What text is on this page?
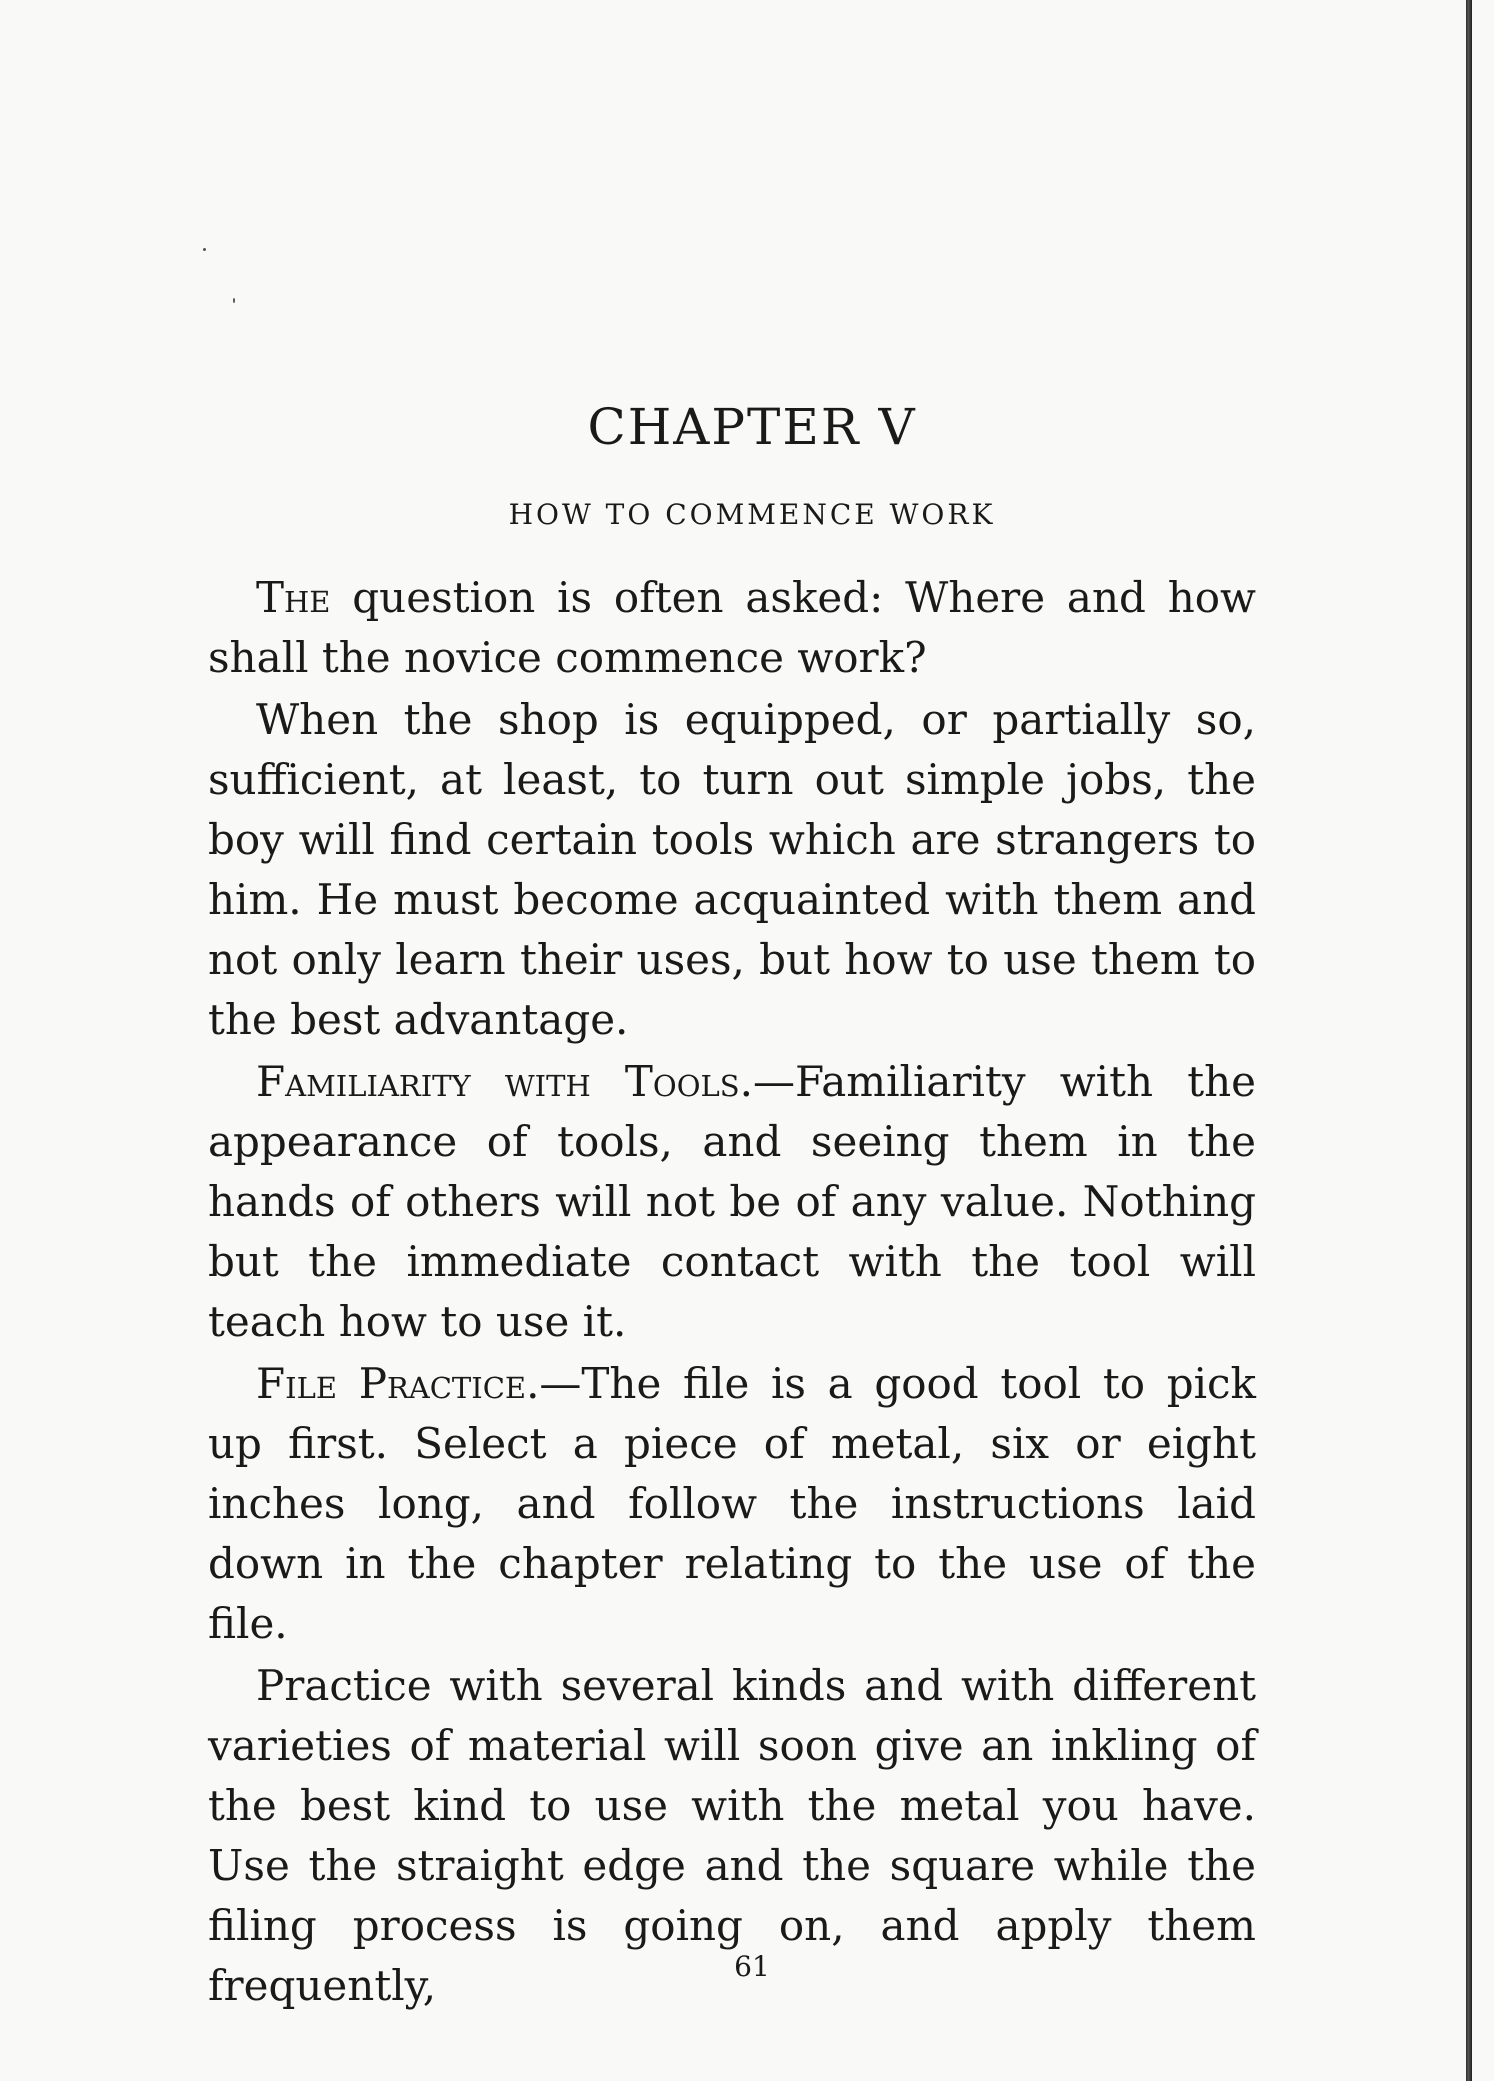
CHAPTER V
HOW TO COMMENCE WORK

The question is often asked: Where and how shall the novice commence work?

When the shop is equipped, or partially so, sufficient, at least, to turn out simple jobs, the boy will find certain tools which are strangers to him. He must become acquainted with them and not only learn their uses, but how to use them to the best advantage.

Familiarity with Tools.—Familiarity with the appearance of tools, and seeing them in the hands of others will not be of any value. Nothing but the immediate contact with the tool will teach how to use it.

File Practice.—The file is a good tool to pick up first. Select a piece of metal, six or eight inches long, and follow the instructions laid down in the chapter relating to the use of the file.

Practice with several kinds and with different varieties of material will soon give an inkling of the best kind to use with the metal you have. Use the straight edge and the square while the filing process is going on, and apply them frequently,	61
